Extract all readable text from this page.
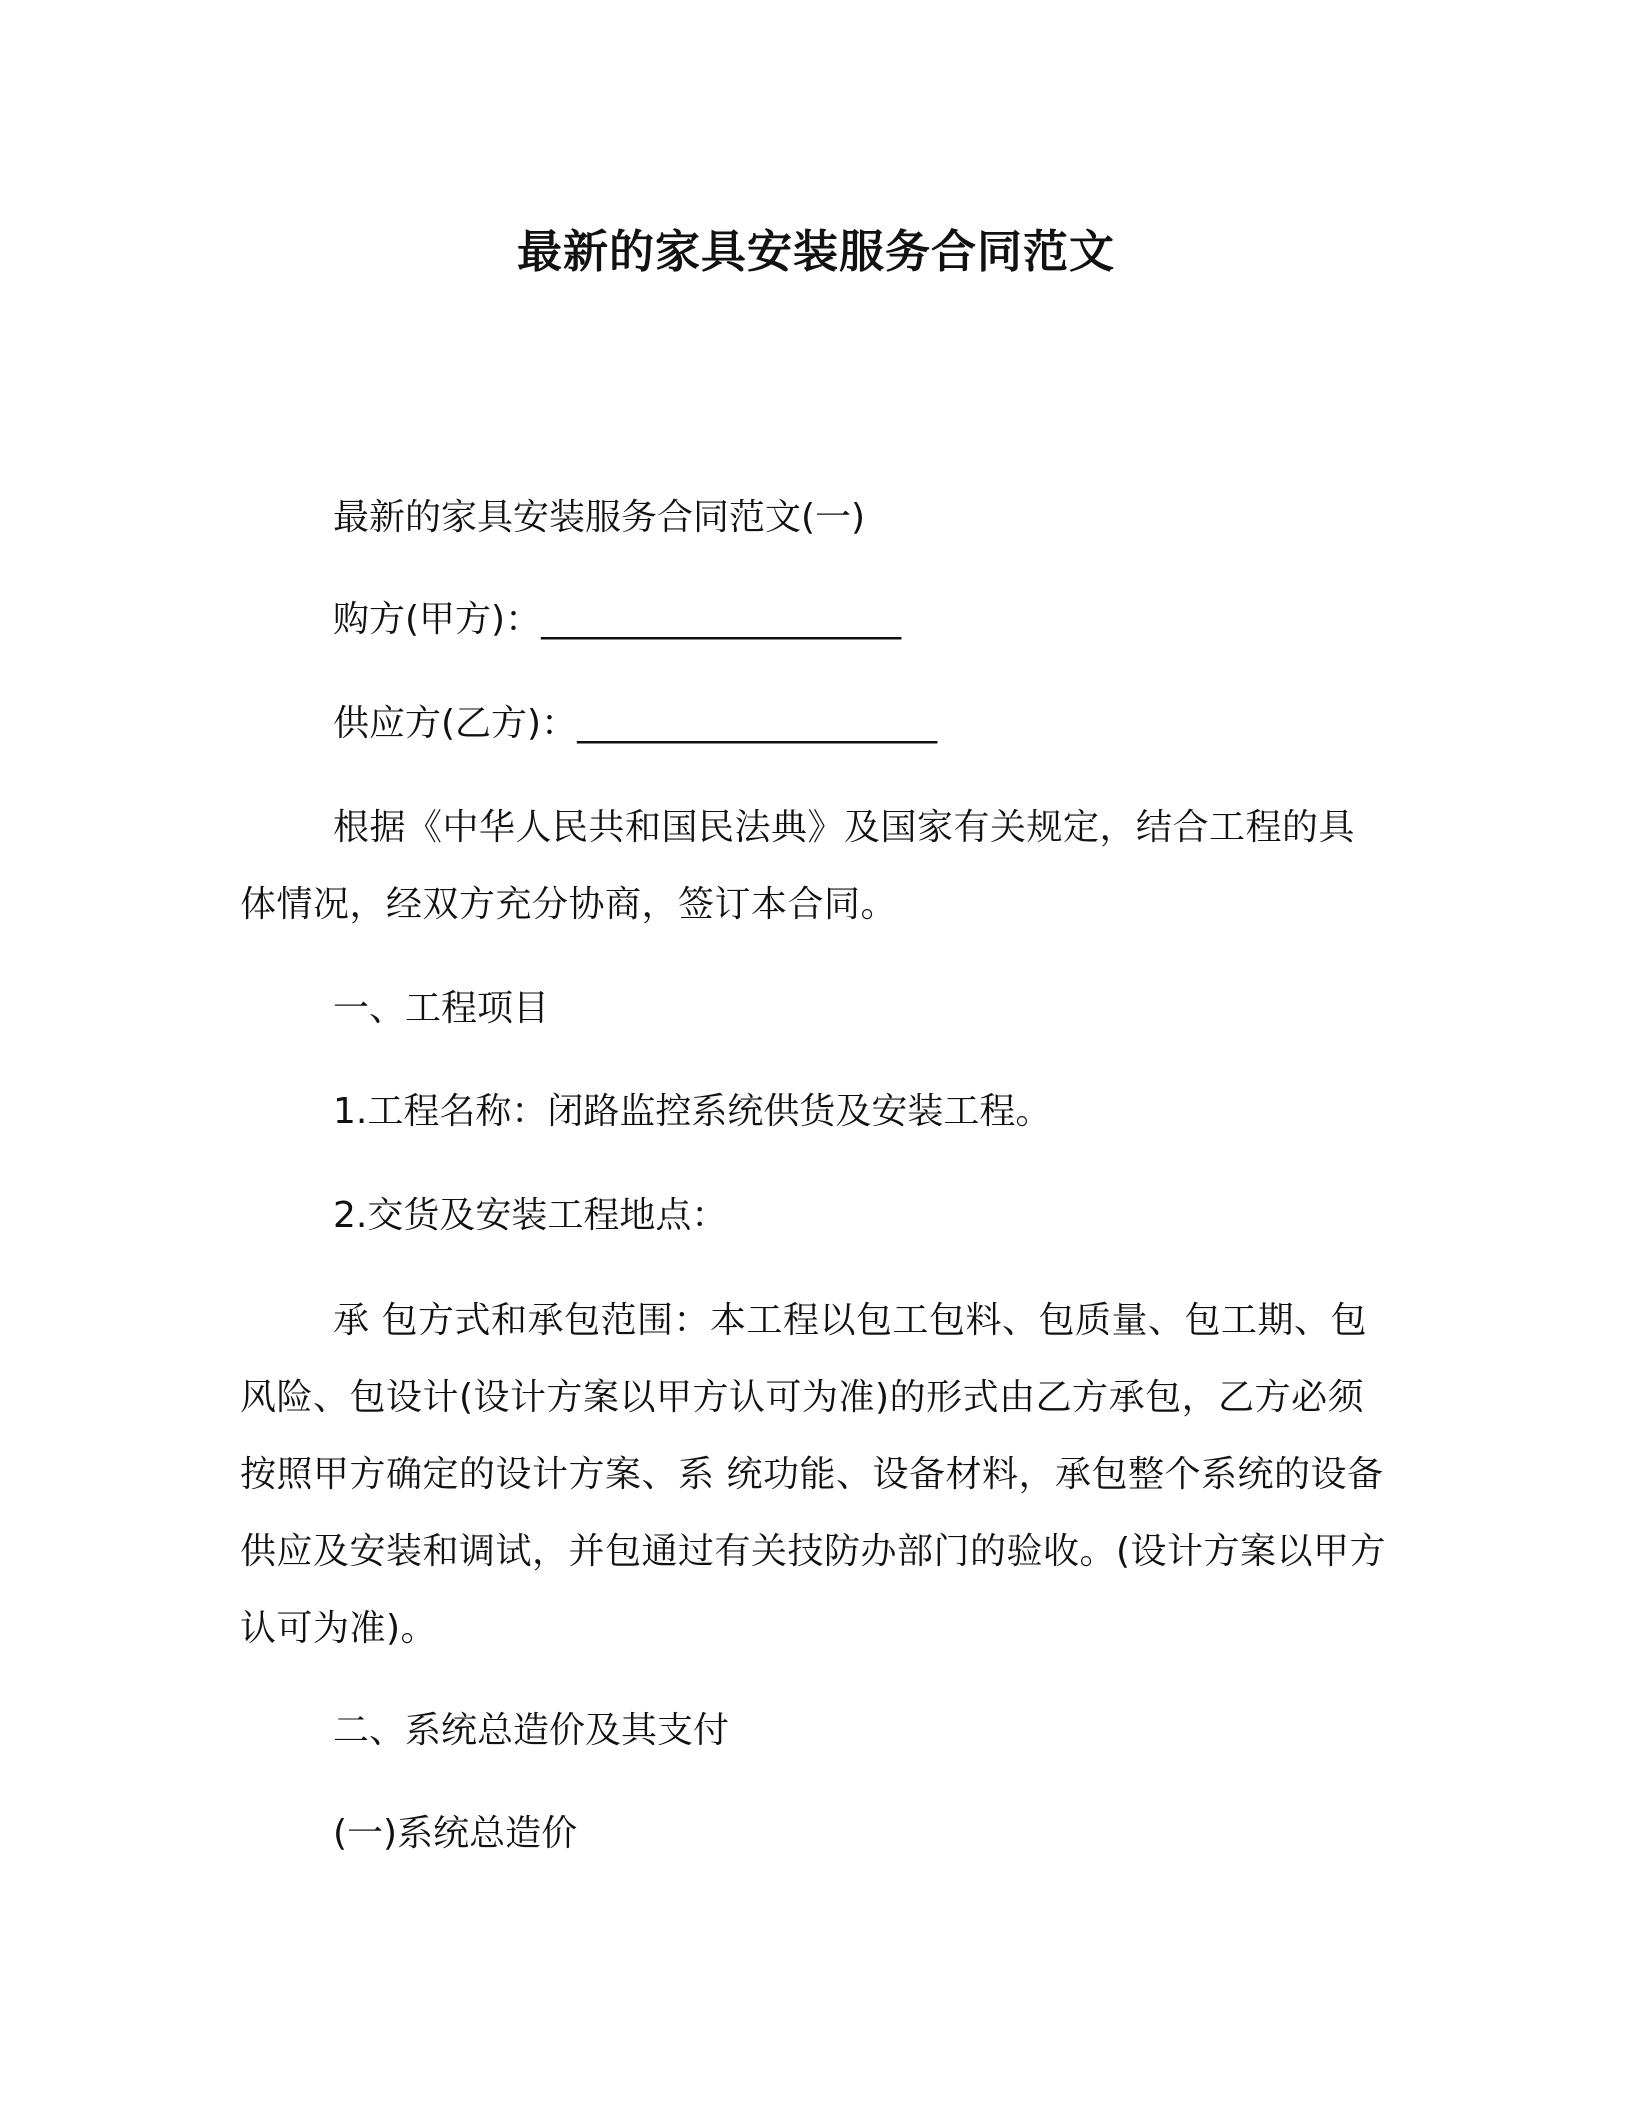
最新的家具安装服务合同范文

最新的家具安装服务合同范文(一)

购方(甲方)：____________________

供应方(乙方)：____________________

根据《中华人民共和国民法典》及国家有关规定，结合工程的具体情况，经双方充分协商，签订本合同。

一、工程项目

1.工程名称：闭路监控系统供货及安装工程。

2.交货及安装工程地点：

承 包方式和承包范围：本工程以包工包料、包质量、包工期、包风险、包设计(设计方案以甲方认可为准)的形式由乙方承包，乙方必须按照甲方确定的设计方案、系 统功能、设备材料，承包整个系统的设备供应及安装和调试，并包通过有关技防办部门的验收。(设计方案以甲方认可为准)。

二、系统总造价及其支付

(一)系统总造价
